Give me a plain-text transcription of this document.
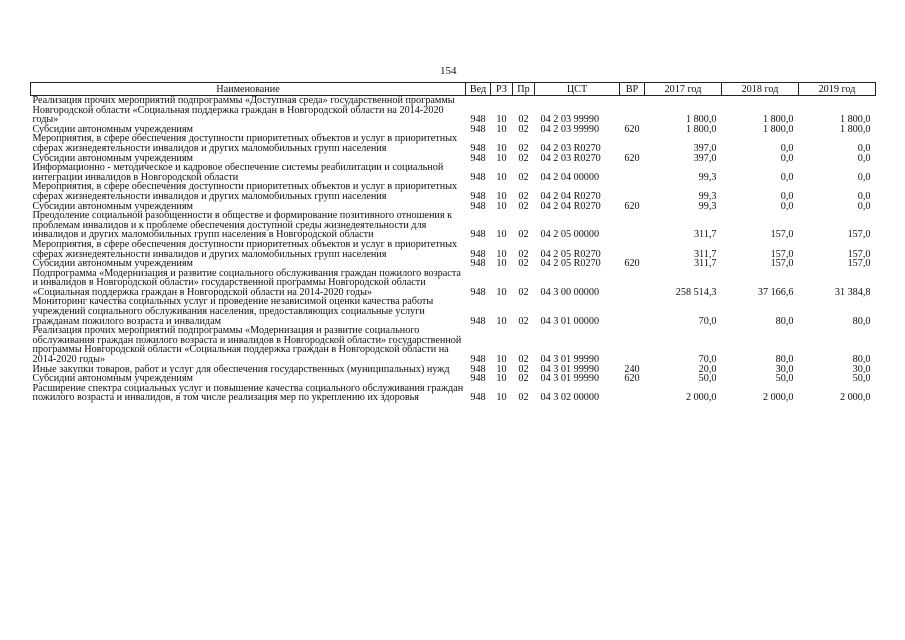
154
Наименование	Вед	РЗ	Пр	ЦСТ	ВР	2017 год	2018 год	2019 год
Реализация прочих мероприятий подпрограммы «Доступная среда» государственной программы Новгородской области «Социальная поддержка граждан в Новгородской области на 2014-2020 годы»	948	10	02	04 2 03 99990		1 800,0	1 800,0	1 800,0
Субсидии автономным учреждениям	948	10	02	04 2 03 99990	620	1 800,0	1 800,0	1 800,0
Мероприятия, в сфере обеспечения доступности приоритетных объектов и услуг в приоритетных сферах жизнедеятельности инвалидов и других маломобильных групп населения	948	10	02	04 2 03 R0270		397,0	0,0	0,0
Субсидии автономным учреждениям	948	10	02	04 2 03 R0270	620	397,0	0,0	0,0
Информационно - методическое и кадровое обеспечение системы реабилитации и социальной интеграции инвалидов в Новгородской области	948	10	02	04 2 04 00000		99,3	0,0	0,0
Мероприятия, в сфере обеспечения доступности приоритетных объектов и услуг в приоритетных сферах жизнедеятельности инвалидов и других маломобильных групп населения	948	10	02	04 2 04 R0270		99,3	0,0	0,0
Субсидии автономным учреждениям	948	10	02	04 2 04 R0270	620	99,3	0,0	0,0
Преодоление социальной разобщенности в обществе и формирование позитивного отношения к проблемам инвалидов и к проблеме обеспечения доступной среды жизнедеятельности для инвалидов и других маломобильных групп населения в Новгородской области	948	10	02	04 2 05 00000		311,7	157,0	157,0
Мероприятия, в сфере обеспечения доступности приоритетных объектов и услуг в приоритетных сферах жизнедеятельности инвалидов и других маломобильных групп населения	948	10	02	04 2 05 R0270		311,7	157,0	157,0
Субсидии автономным учреждениям	948	10	02	04 2 05 R0270	620	311,7	157,0	157,0
Подпрограмма «Модернизация и развитие социального обслуживания граждан пожилого возраста и инвалидов в Новгородской области» государственной программы Новгородской области «Социальная поддержка граждан в Новгородской области на 2014-2020 годы»	948	10	02	04 3 00 00000		258 514,3	37 166,6	31 384,8
Мониторинг качества социальных услуг и проведение независимой оценки качества работы учреждений социального обслуживания населения, предоставляющих социальные услуги гражданам пожилого возраста и инвалидам	948	10	02	04 3 01 00000		70,0	80,0	80,0
Реализация прочих мероприятий подпрограммы «Модернизация и развитие социального обслуживания граждан пожилого возраста и инвалидов в Новгородской области» государственной программы Новгородской области «Социальная поддержка граждан в Новгородской области на 2014-2020 годы»	948	10	02	04 3 01 99990		70,0	80,0	80,0
Иные закупки товаров, работ и услуг для обеспечения государственных (муниципальных) нужд	948	10	02	04 3 01 99990	240	20,0	30,0	30,0
Субсидии автономным учреждениям	948	10	02	04 3 01 99990	620	50,0	50,0	50,0
Расширение спектра социальных услуг и повышение качества социального обслуживания граждан пожилого возраста и инвалидов, в том числе реализация мер по укреплению их здоровья	948	10	02	04 3 02 00000		2 000,0	2 000,0	2 000,0
